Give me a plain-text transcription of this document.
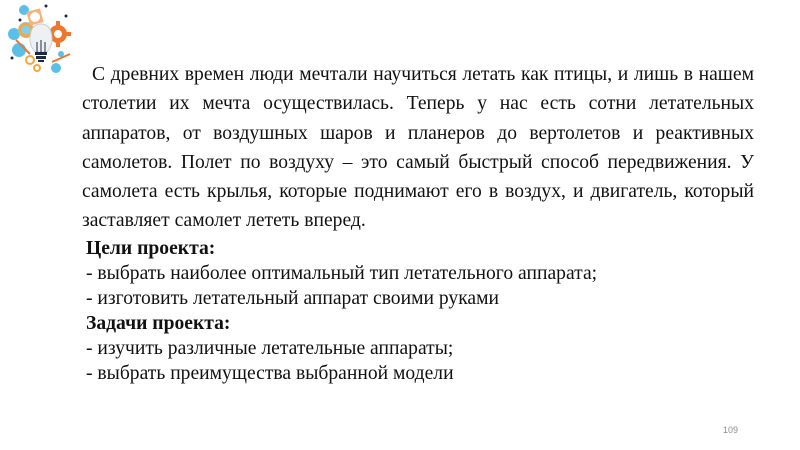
С древних времен люди мечтали научиться летать как птицы, и лишь в нашем столетии их мечта осуществилась. Теперь у нас есть сотни летательных аппаратов, от воздушных шаров и планеров до вертолетов и реактивных самолетов. Полет по воздуху – это самый быстрый способ передвижения. У самолета есть крылья, которые поднимают его в воздух, и двигатель, который заставляет самолет лететь вперед.

Цели проекта:
- выбрать наиболее оптимальный тип летательного аппарата;
- изготовить летательный аппарат своими руками
Задачи проекта:
- изучить различные летательные аппараты;
- выбрать преимущества выбранной модели
109
